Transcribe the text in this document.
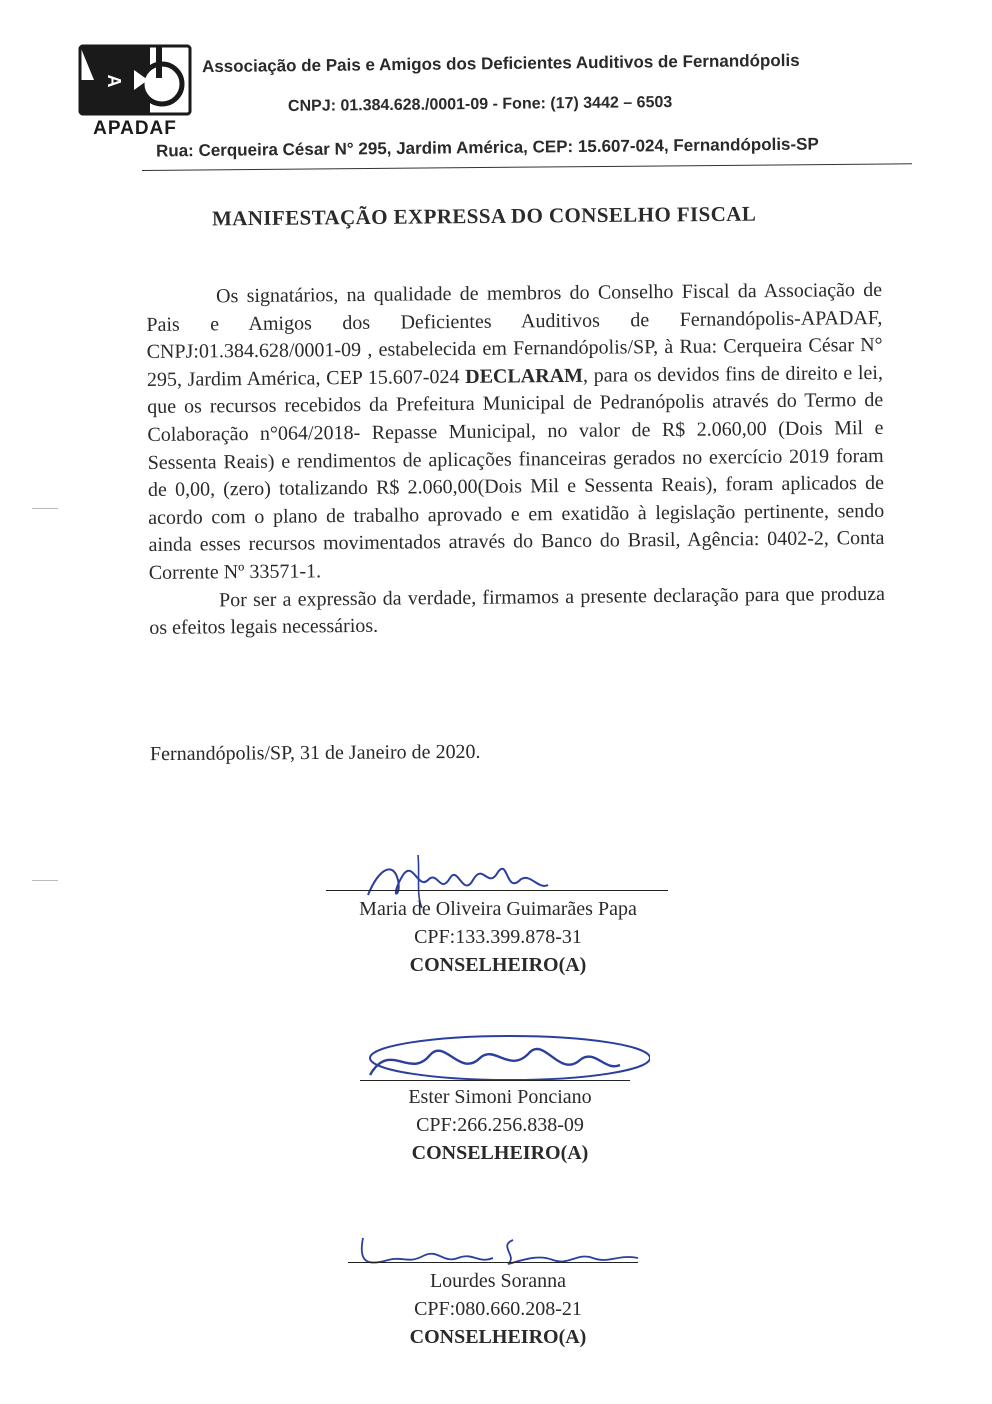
A
APADAF
Associação de Pais e Amigos dos Deficientes Auditivos de Fernandópolis
CNPJ: 01.384.628./0001-09 - Fone: (17) 3442 – 6503
Rua: Cerqueira César N° 295, Jardim América, CEP: 15.607-024, Fernandópolis-SP
MANIFESTAÇÃO EXPRESSA DO CONSELHO FISCAL

Os signatários, na qualidade de membros do Conselho Fiscal da Associação de Pais e Amigos dos Deficientes Auditivos de Fernandópolis-APADAF, CNPJ:01.384.628/0001-09 , estabelecida em Fernandópolis/SP, à Rua: Cerqueira César N° 295, Jardim América, CEP 15.607-024 DECLARAM, para os devidos fins de direito e lei, que os recursos recebidos da Prefeitura Municipal de Pedranópolis através do Termo de Colaboração n°064/2018- Repasse Municipal, no valor de R$ 2.060,00 (Dois Mil e Sessenta Reais) e rendimentos de aplicações financeiras gerados no exercício 2019 foram de 0,00, (zero) totalizando R$ 2.060,00(Dois Mil e Sessenta Reais), foram aplicados de acordo com o plano de trabalho aprovado e em exatidão à legislação pertinente, sendo ainda esses recursos movimentados através do Banco do Brasil, Agência: 0402-2, Conta Corrente Nº 33571-1.

Por ser a expressão da verdade, firmamos a presente declaração para que produza os efeitos legais necessários.

Fernandópolis/SP, 31 de Janeiro de 2020.
Maria de Oliveira Guimarães Papa
CPF:133.399.878-31
CONSELHEIRO(A)
Ester Simoni Ponciano
CPF:266.256.838-09
CONSELHEIRO(A)
Lourdes Soranna
CPF:080.660.208-21
CONSELHEIRO(A)
